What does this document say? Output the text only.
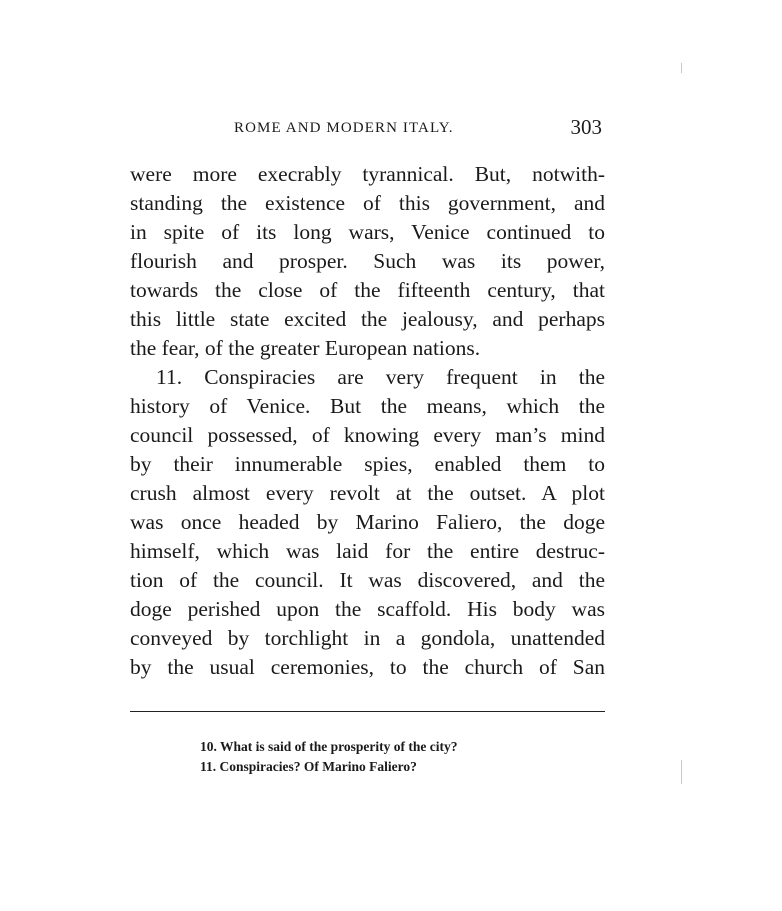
ROME AND MODERN ITALY.	303
were more execrably tyrannical. But, notwith-
standing the existence of this government, and
in spite of its long wars, Venice continued to
flourish and prosper. Such was its power,
towards the close of the fifteenth century, that
this little state excited the jealousy, and perhaps
the fear, of the greater European nations.
11. Conspiracies are very frequent in the
history of Venice. But the means, which the
council possessed, of knowing every man’s mind
by their innumerable spies, enabled them to
crush almost every revolt at the outset. A plot
was once headed by Marino Faliero, the doge
himself, which was laid for the entire destruc-
tion of the council. It was discovered, and the
doge perished upon the scaffold. His body was
conveyed by torchlight in a gondola, unattended
by the usual ceremonies, to the church of San
10. What is said of the prosperity of the city?
11. Conspiracies? Of Marino Faliero?
